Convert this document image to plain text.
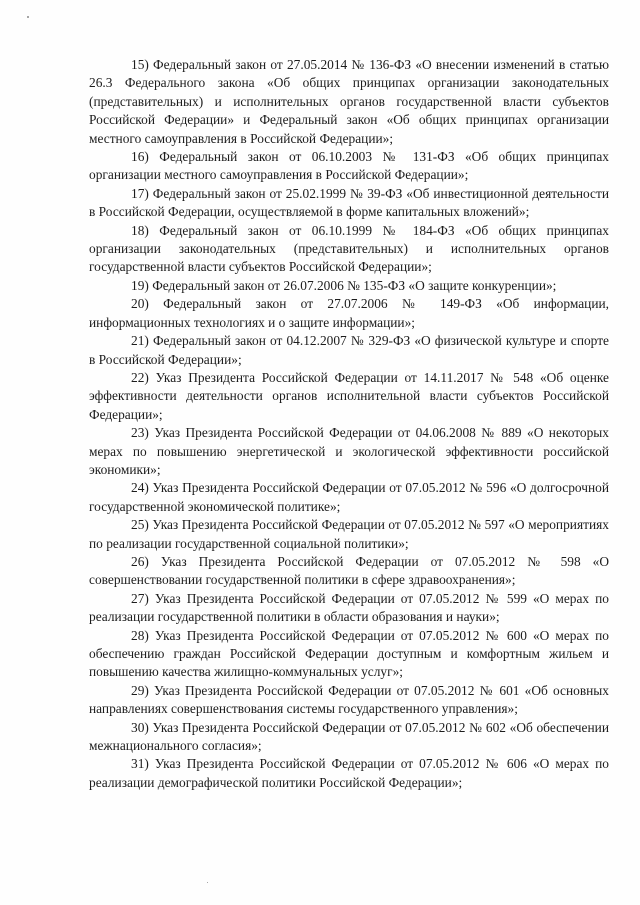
15) Федеральный закон от 27.05.2014 № 136-ФЗ «О внесении изменений в статью 26.3 Федерального закона «Об общих принципах организации законодательных (представительных) и исполнительных органов государственной власти субъектов Российской Федерации» и Федеральный закон «Об общих принципах организации местного самоуправления в Российской Федерации»;

16) Федеральный закон от 06.10.2003 № 131-ФЗ «Об общих принципах организации местного самоуправления в Российской Федерации»;

17) Федеральный закон от 25.02.1999 № 39-ФЗ «Об инвестиционной деятельности в Российской Федерации, осуществляемой в форме капитальных вложений»;

18) Федеральный закон от 06.10.1999 № 184-ФЗ «Об общих принципах организации законодательных (представительных) и исполнительных органов государственной власти субъектов Российской Федерации»;

19) Федеральный закон от 26.07.2006 № 135-ФЗ «О защите конкуренции»;

20) Федеральный закон от 27.07.2006 № 149-ФЗ «Об информации, информационных технологиях и о защите информации»;

21) Федеральный закон от 04.12.2007 № 329-ФЗ «О физической культуре и спорте в Российской Федерации»;

22) Указ Президента Российской Федерации от 14.11.2017 № 548 «Об оценке эффективности деятельности органов исполнительной власти субъектов Российской Федерации»;

23) Указ Президента Российской Федерации от 04.06.2008 № 889 «О некоторых мерах по повышению энергетической и экологической эффективности российской экономики»;

24) Указ Президента Российской Федерации от 07.05.2012 № 596 «О долгосрочной государственной экономической политике»;

25) Указ Президента Российской Федерации от 07.05.2012 № 597 «О мероприятиях по реализации государственной социальной политики»;

26) Указ Президента Российской Федерации от 07.05.2012 № 598 «О совершенствовании государственной политики в сфере здравоохранения»;

27) Указ Президента Российской Федерации от 07.05.2012 № 599 «О мерах по реализации государственной политики в области образования и науки»;

28) Указ Президента Российской Федерации от 07.05.2012 № 600 «О мерах по обеспечению граждан Российской Федерации доступным и комфортным жильем и повышению качества жилищно-коммунальных услуг»;

29) Указ Президента Российской Федерации от 07.05.2012 № 601 «Об основных направлениях совершенствования системы государственного управления»;

30) Указ Президента Российской Федерации от 07.05.2012 № 602 «Об обеспечении межнационального согласия»;

31) Указ Президента Российской Федерации от 07.05.2012 № 606 «О мерах по реализации демографической политики Российской Федерации»;
